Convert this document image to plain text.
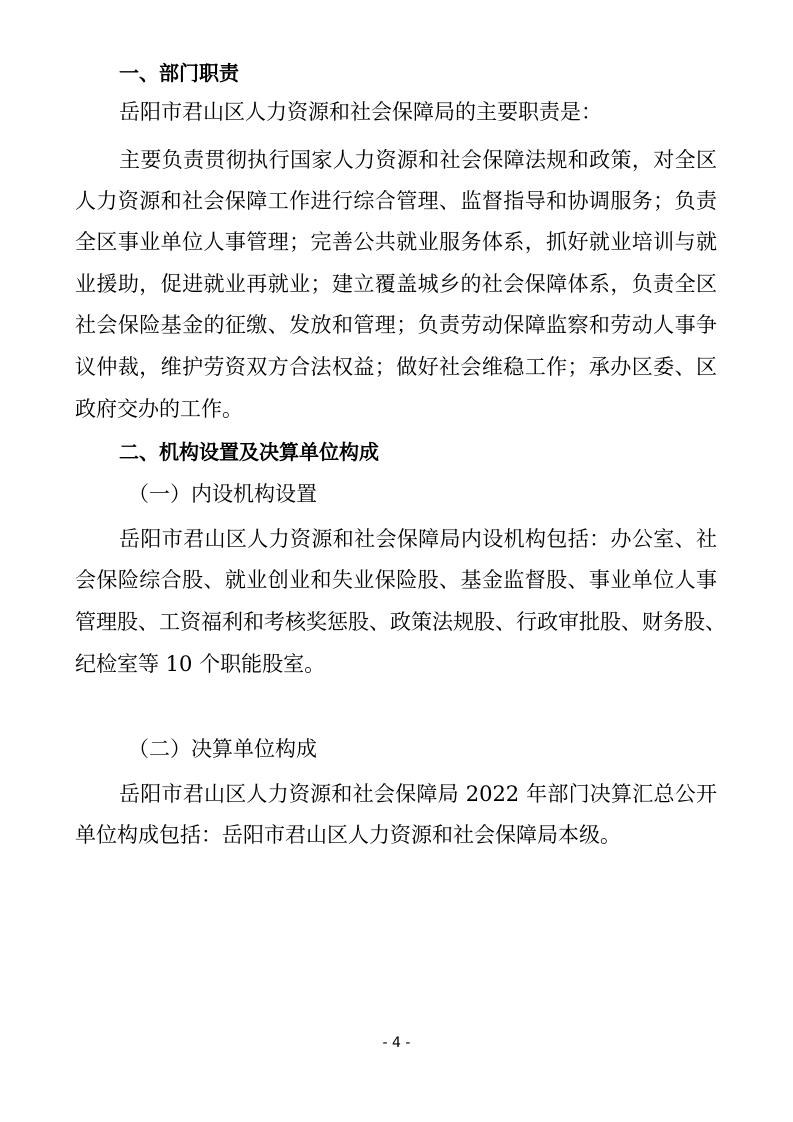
一、部门职责
岳阳市君山区人力资源和社会保障局的主要职责是：
主要负责贯彻执行国家人力资源和社会保障法规和政策，对全区
人力资源和社会保障工作进行综合管理、监督指导和协调服务；负责
全区事业单位人事管理；完善公共就业服务体系，抓好就业培训与就
业援助，促进就业再就业；建立覆盖城乡的社会保障体系，负责全区
社会保险基金的征缴、发放和管理；负责劳动保障监察和劳动人事争
议仲裁，维护劳资双方合法权益；做好社会维稳工作；承办区委、区
政府交办的工作。
二、机构设置及决算单位构成
（一）内设机构设置
岳阳市君山区人力资源和社会保障局内设机构包括：办公室、社
会保险综合股、就业创业和失业保险股、基金监督股、事业单位人事
管理股、工资福利和考核奖惩股、政策法规股、行政审批股、财务股、
纪检室等 10 个职能股室。
（二）决算单位构成
岳阳市君山区人力资源和社会保障局 2022 年部门决算汇总公开
单位构成包括：岳阳市君山区人力资源和社会保障局本级。
- 4 -
